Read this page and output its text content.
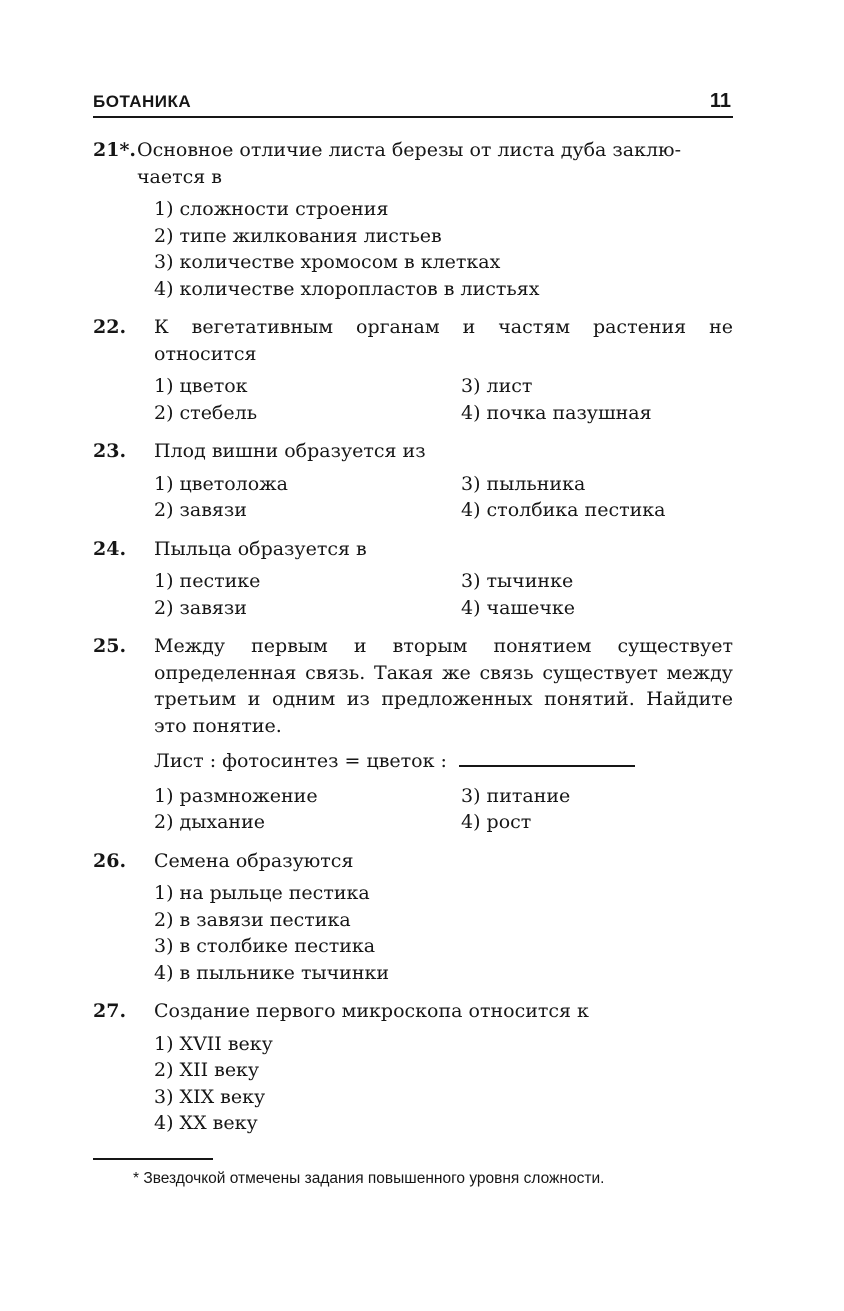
БОТАНИКА	11
21*. Основное отличие листа березы от листа дуба заклю-
чается в
1) сложности строения
2) типе жилкования листьев
3) количестве хромосом в клетках
4) количестве хлоропластов в листьях
22.	К вегетативным органам и частям растения не относится
1) цветок	3) лист
2) стебель	4) почка пазушная
23.	Плод вишни образуется из
1) цветоложа	3) пыльника
2) завязи	4) столбика пестика
24.	Пыльца образуется в
1) пестике	3) тычинке
2) завязи	4) чашечке
25.	Между первым и вторым понятием существует определенная связь. Такая же связь существует между третьим и одним из предложенных понятий. Найдите это понятие.
Лист : фотосинтез = цветок :
1) размножение	3) питание
2) дыхание	4) рост
26.	Семена образуются
1) на рыльце пестика
2) в завязи пестика
3) в столбике пестика
4) в пыльнике тычинки
27.	Создание первого микроскопа относится к
1) XVII веку
2) XII веку
3) XIX веку
4) XX веку
* Звездочкой отмечены задания повышенного уровня сложности.
